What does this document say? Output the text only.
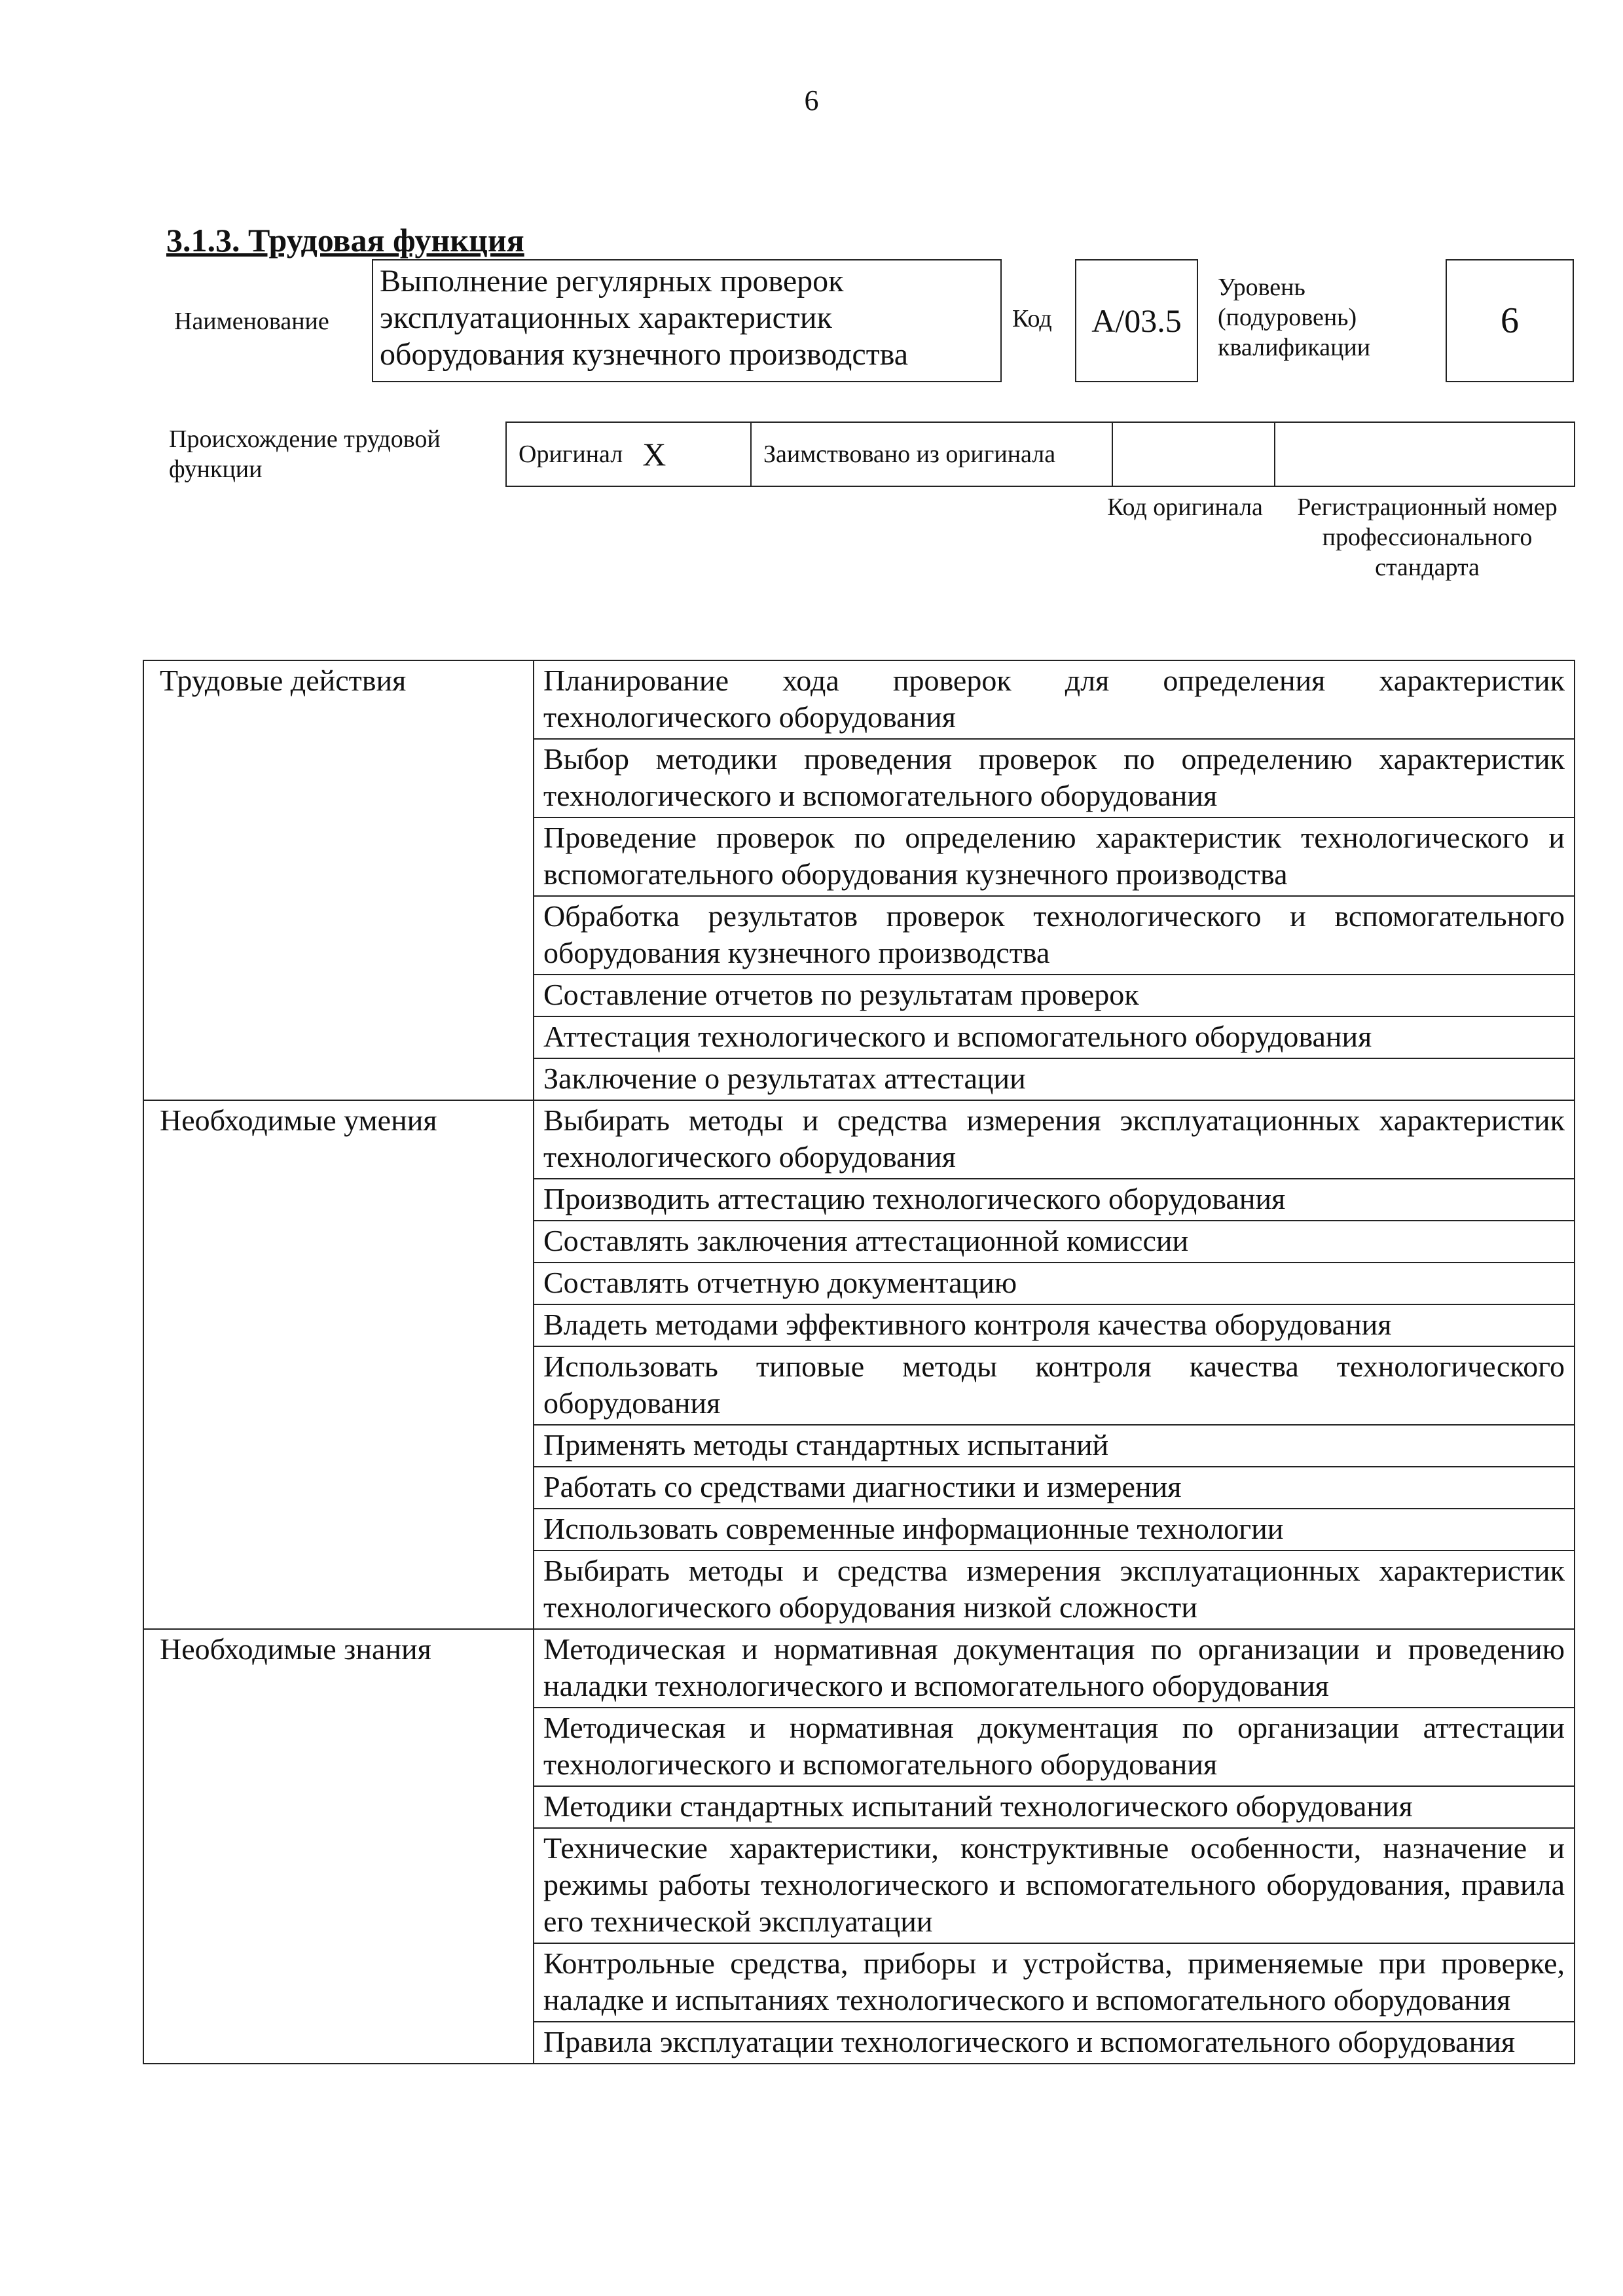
6
3.1.3. Трудовая функция
Наименование
Выполнение регулярных проверок эксплуатационных характеристик оборудования кузнечного производства
Код А/03.5
Уровень (подуровень) квалификации
6
Происхождение трудовой функции
Оригинал X	Заимствовано из оригинала
Код оригинала	Регистрационный номер профессионального стандарта
Трудовые действия	Планирование хода проверок для определения характеристик технологического оборудования
	Выбор методики проведения проверок по определению характеристик технологического и вспомогательного оборудования
	Проведение проверок по определению характеристик технологического и вспомогательного оборудования кузнечного производства
	Обработка результатов проверок технологического и вспомогательного оборудования кузнечного производства
	Составление отчетов по результатам проверок
	Аттестация технологического и вспомогательного оборудования
	Заключение о результатах аттестации
Необходимые умения	Выбирать методы и средства измерения эксплуатационных характеристик технологического оборудования
	Производить аттестацию технологического оборудования
	Составлять заключения аттестационной комиссии
	Составлять отчетную документацию
	Владеть методами эффективного контроля качества оборудования
	Использовать типовые методы контроля качества технологического оборудования
	Применять методы стандартных испытаний
	Работать со средствами диагностики и измерения
	Использовать современные информационные технологии
	Выбирать методы и средства измерения эксплуатационных характеристик технологического оборудования низкой сложности
Необходимые знания	Методическая и нормативная документация по организации и проведению наладки технологического и вспомогательного оборудования
	Методическая и нормативная документация по организации аттестации технологического и вспомогательного оборудования
	Методики стандартных испытаний технологического оборудования
	Технические характеристики, конструктивные особенности, назначение и режимы работы технологического и вспомогательного оборудования, правила его технической эксплуатации
	Контрольные средства, приборы и устройства, применяемые при проверке, наладке и испытаниях технологического и вспомогательного оборудования
	Правила эксплуатации технологического и вспомогательного оборудования
